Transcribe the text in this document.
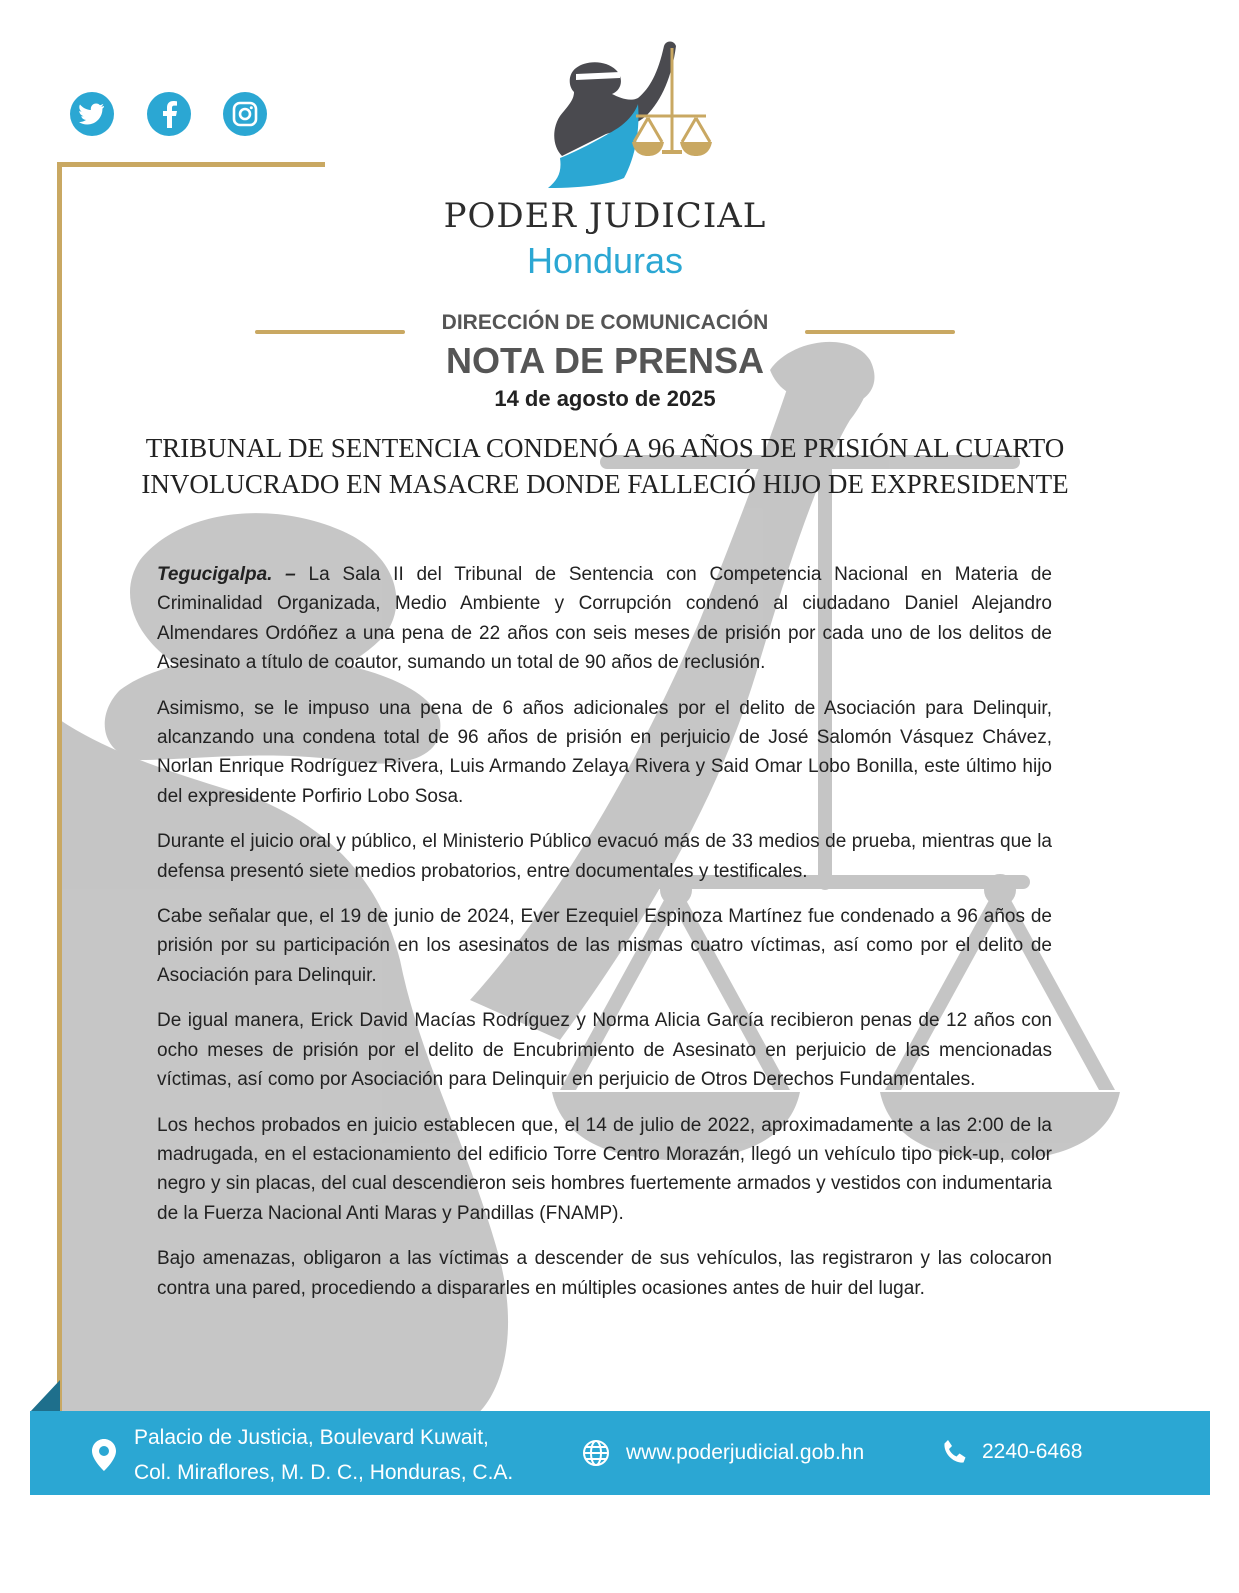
PODER JUDICIAL
Honduras
DIRECCIÓN DE COMUNICACIÓN
NOTA DE PRENSA
14 de agosto de 2025
TRIBUNAL DE SENTENCIA CONDENÓ A 96 AÑOS DE PRISIÓN AL CUARTO INVOLUCRADO EN MASACRE DONDE FALLECIÓ HIJO DE EXPRESIDENTE

Tegucigalpa. – La Sala II del Tribunal de Sentencia con Competencia Nacional en Materia de Criminalidad Organizada, Medio Ambiente y Corrupción condenó al ciudadano Daniel Alejandro Almendares Ordóñez a una pena de 22 años con seis meses de prisión por cada uno de los delitos de Asesinato a título de coautor, sumando un total de 90 años de reclusión.

Asimismo, se le impuso una pena de 6 años adicionales por el delito de Asociación para Delinquir, alcanzando una condena total de 96 años de prisión en perjuicio de José Salomón Vásquez Chávez, Norlan Enrique Rodríguez Rivera, Luis Armando Zelaya Rivera y Said Omar Lobo Bonilla, este último hijo del expresidente Porfirio Lobo Sosa.

Durante el juicio oral y público, el Ministerio Público evacuó más de 33 medios de prueba, mientras que la defensa presentó siete medios probatorios, entre documentales y testificales.

Cabe señalar que, el 19 de junio de 2024, Ever Ezequiel Espinoza Martínez fue condenado a 96 años de prisión por su participación en los asesinatos de las mismas cuatro víctimas, así como por el delito de Asociación para Delinquir.

De igual manera, Erick David Macías Rodríguez y Norma Alicia García recibieron penas de 12 años con ocho meses de prisión por el delito de Encubrimiento de Asesinato en perjuicio de las mencionadas víctimas, así como por Asociación para Delinquir en perjuicio de Otros Derechos Fundamentales.

Los hechos probados en juicio establecen que, el 14 de julio de 2022, aproximadamente a las 2:00 de la madrugada, en el estacionamiento del edificio Torre Centro Morazán, llegó un vehículo tipo pick-up, color negro y sin placas, del cual descendieron seis hombres fuertemente armados y vestidos con indumentaria de la Fuerza Nacional Anti Maras y Pandillas (FNAMP).

Bajo amenazas, obligaron a las víctimas a descender de sus vehículos, las registraron y las colocaron contra una pared, procediendo a dispararles en múltiples ocasiones antes de huir del lugar.

Palacio de Justicia, Boulevard Kuwait,
Col. Miraflores, M. D. C., Honduras, C.A.
www.poderjudicial.gob.hn	2240-6468
